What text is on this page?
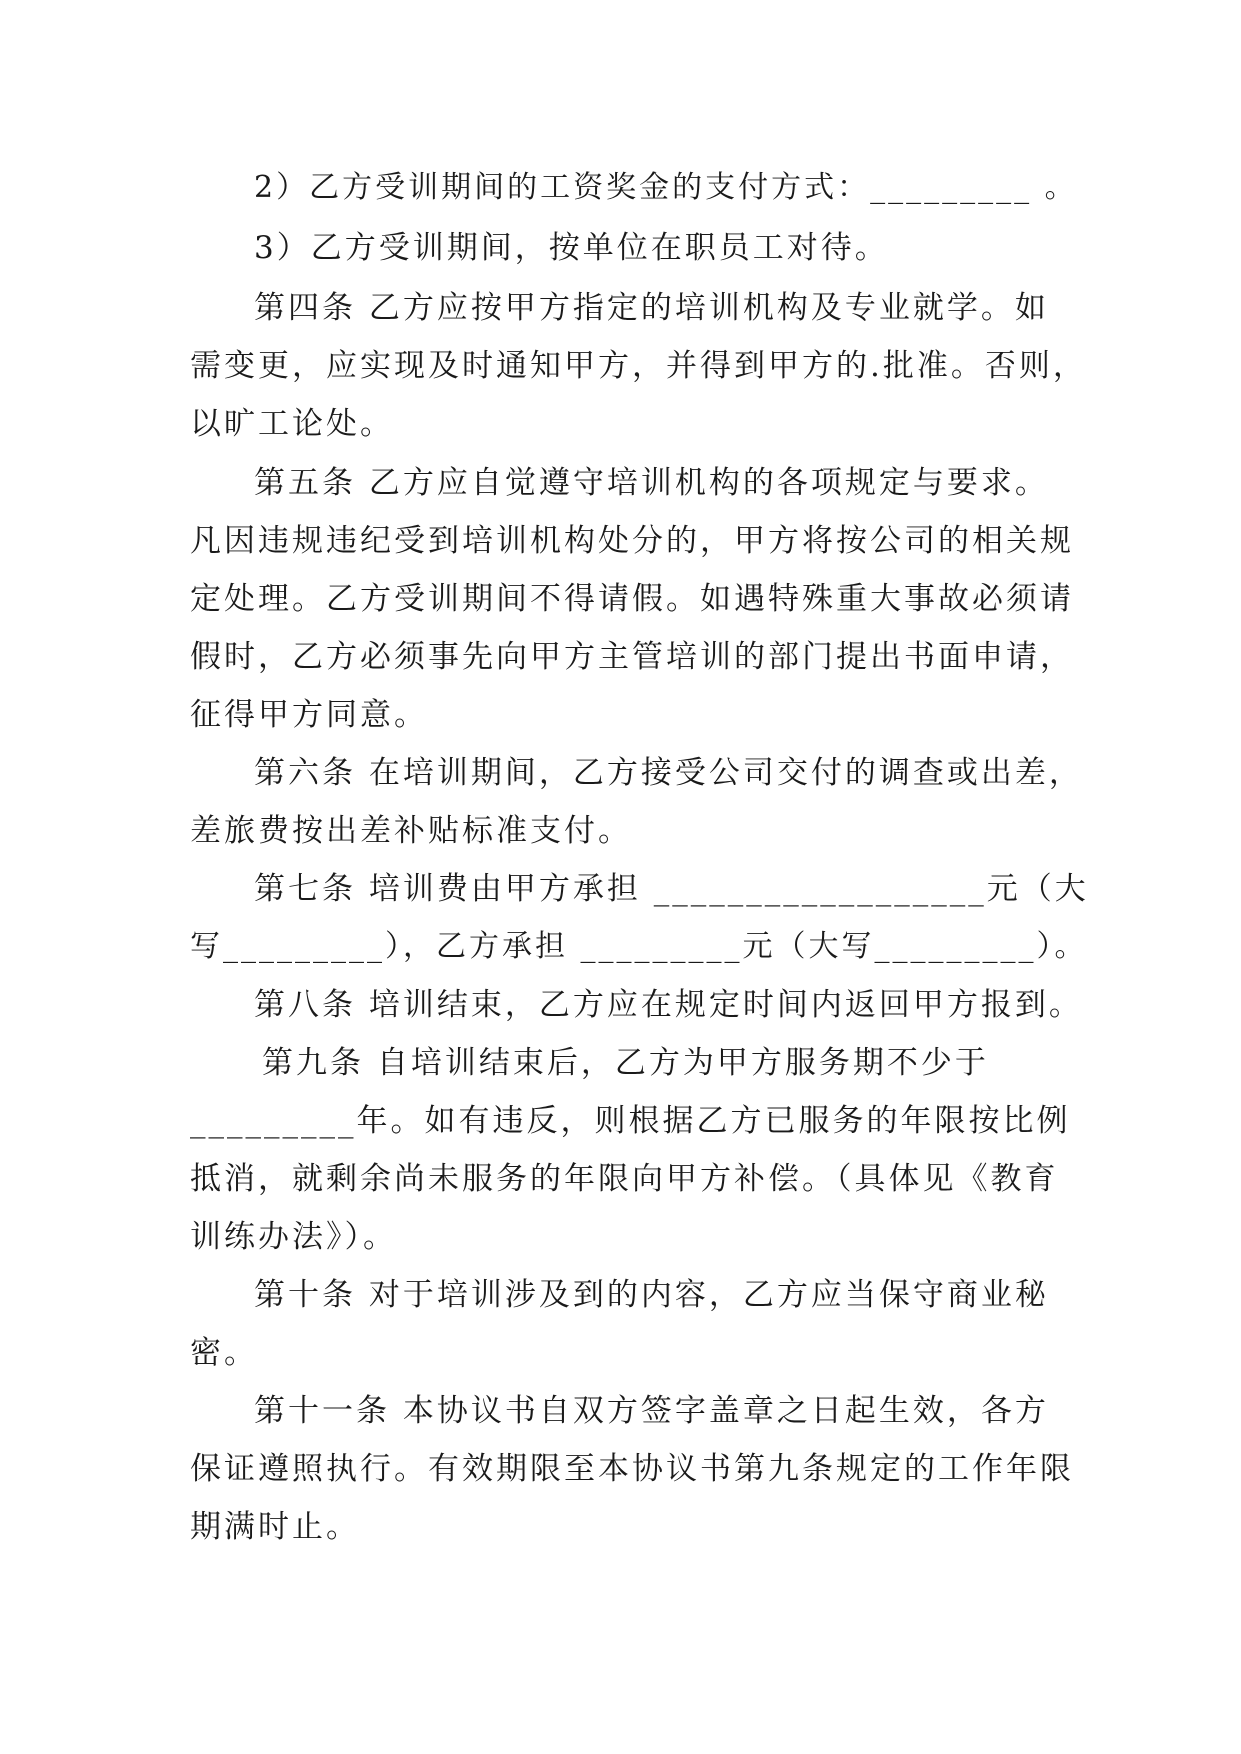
2）乙方受训期间的工资奖金的支付方式：_________ 。
3）乙方受训期间，按单位在职员工对待。
第四条 乙方应按甲方指定的培训机构及专业就学。如
需变更，应实现及时通知甲方，并得到甲方的.批准。否则，
以旷工论处。
第五条 乙方应自觉遵守培训机构的各项规定与要求。
凡因违规违纪受到培训机构处分的，甲方将按公司的相关规
定处理。乙方受训期间不得请假。如遇特殊重大事故必须请
假时，乙方必须事先向甲方主管培训的部门提出书面申请，
征得甲方同意。
第六条 在培训期间，乙方接受公司交付的调查或出差，
差旅费按出差补贴标准支付。
第七条 培训费由甲方承担 __________________元（大
写_________），乙方承担 _________元（大写_________）。
第八条 培训结束，乙方应在规定时间内返回甲方报到。
第九条 自培训结束后，乙方为甲方服务期不少于
_________年。如有违反，则根据乙方已服务的年限按比例
抵消，就剩余尚未服务的年限向甲方补偿。（具体见《教育
训练办法》）。
第十条 对于培训涉及到的内容，乙方应当保守商业秘
密。
第十一条 本协议书自双方签字盖章之日起生效，各方
保证遵照执行。有效期限至本协议书第九条规定的工作年限
期满时止。
